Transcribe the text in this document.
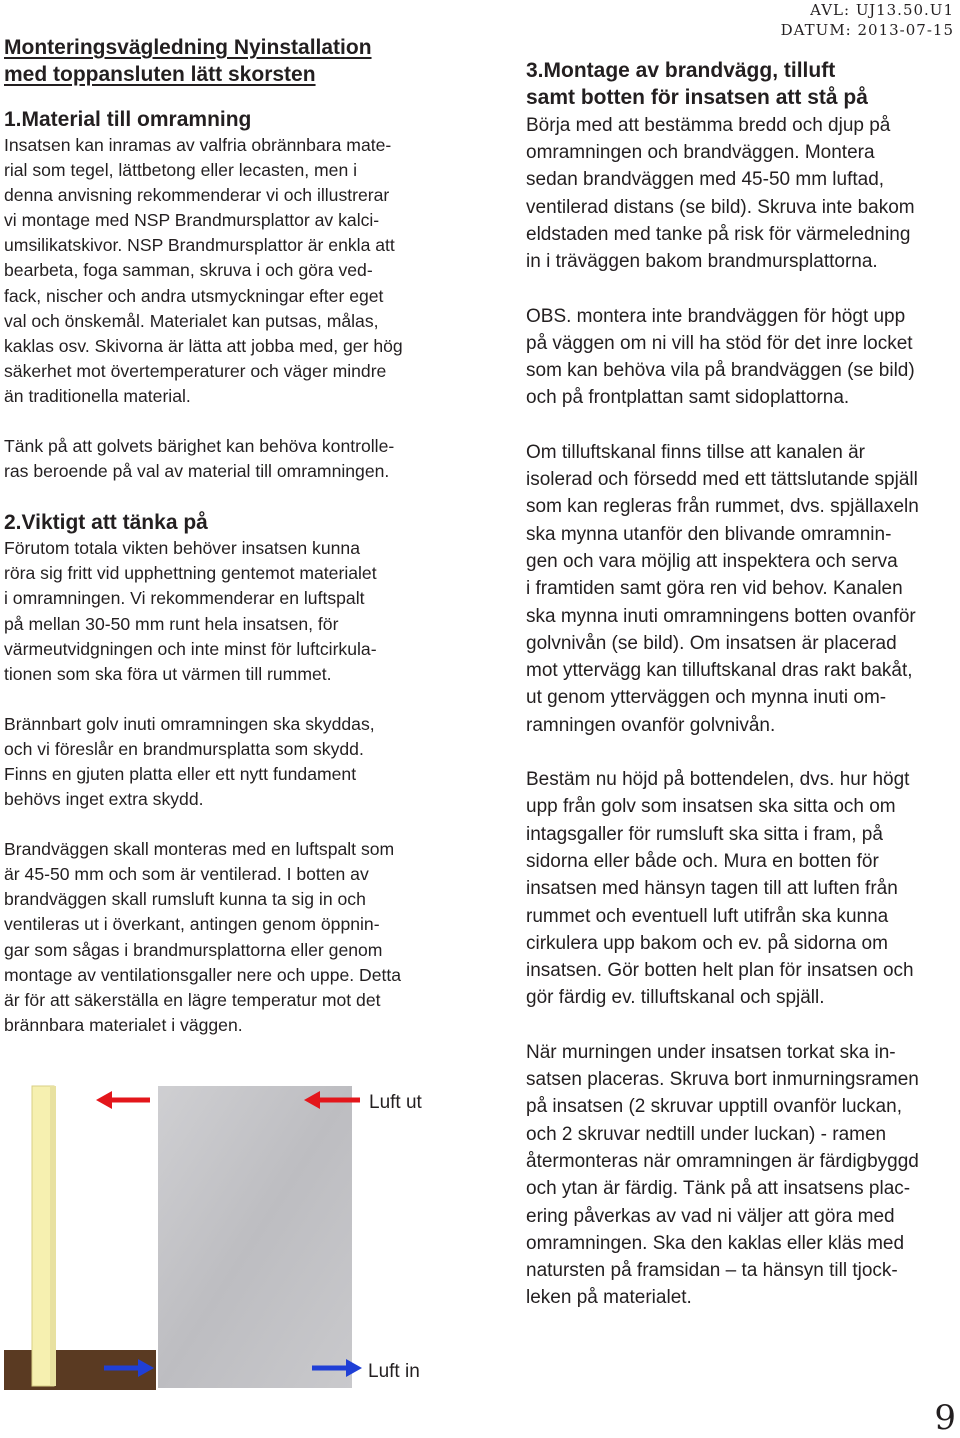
AVL: UJ13.50.U1
DATUM: 2013-07-15
Monteringsvägledning Nyinstallation
med toppansluten lätt skorsten
1.Material till omramning

Insatsen kan inramas av valfria obrännbara mate-
rial som tegel, lättbetong eller lecasten, men i
denna anvisning rekommenderar vi och illustrerar
vi montage med NSP Brandmursplattor av kalci-
umsilikatskivor. NSP Brandmursplattor är enkla att
bearbeta, foga samman, skruva i och göra ved-
fack, nischer och andra utsmyckningar efter eget
val och önskemål. Materialet kan putsas, målas,
kaklas osv. Skivorna är lätta att jobba med, ger hög
säkerhet mot övertemperaturer och väger mindre
än traditionella material.

Tänk på att golvets bärighet kan behöva kontrolle-
ras beroende på val av material till omramningen.

2.Viktigt att tänka på

Förutom totala vikten behöver insatsen kunna
röra sig fritt vid upphettning gentemot materialet
i omramningen. Vi rekommenderar en luftspalt
på mellan 30-50 mm runt hela insatsen, för
värmeutvidgningen och inte minst för luftcirkula-
tionen som ska föra ut värmen till rummet.

Brännbart golv inuti omramningen ska skyddas,
och vi föreslår en brandmursplatta som skydd.
Finns en gjuten platta eller ett nytt fundament
behövs inget extra skydd.

Brandväggen skall monteras med en luftspalt som
är 45-50 mm och som är ventilerad. I botten av
brandväggen skall rumsluft kunna ta sig in och
ventileras ut i överkant, antingen genom öppnin-
gar som sågas i brandmursplattorna eller genom
montage av ventilationsgaller nere och uppe. Detta
är för att säkerställa en lägre temperatur mot det
brännbara materialet i väggen.

3.Montage av brandvägg, tilluft
samt botten för insatsen att stå på

Börja med att bestämma bredd och djup på
omramningen och brandväggen. Montera
sedan brandväggen med 45-50 mm luftad,
ventilerad distans (se bild). Skruva inte bakom
eldstaden med tanke på risk för värmeledning
in i träväggen bakom brandmursplattorna.

OBS. montera inte brandväggen för högt upp
på väggen om ni vill ha stöd för det inre locket
som kan behöva vila på brandväggen (se bild)
och på frontplattan samt sidoplattorna.

Om tilluftskanal finns tillse att kanalen är
isolerad och försedd med ett tättslutande spjäll
som kan regleras från rummet, dvs. spjällaxeln
ska mynna utanför den blivande omramnin-
gen och vara möjlig att inspektera och serva
i framtiden samt göra ren vid behov. Kanalen
ska mynna inuti omramningens botten ovanför
golvnivån (se bild). Om insatsen är placerad
mot yttervägg kan tilluftskanal dras rakt bakåt,
ut genom ytterväggen och mynna inuti om-
ramningen ovanför golvnivån.

Bestäm nu höjd på bottendelen, dvs. hur högt
upp från golv som insatsen ska sitta och om
intagsgaller för rumsluft ska sitta i fram, på
sidorna eller både och. Mura en botten för
insatsen med hänsyn tagen till att luften från
rummet och eventuell luft utifrån ska kunna
cirkulera upp bakom och ev. på sidorna om
insatsen. Gör botten helt plan för insatsen och
gör färdig ev. tilluftskanal och spjäll.

När murningen under insatsen torkat ska in-
satsen placeras. Skruva bort inmurningsramen
på insatsen (2 skruvar upptill ovanför luckan,
och 2 skruvar nedtill under luckan) - ramen
återmonteras när omramningen är färdigbyggd
och ytan är färdig. Tänk på att insatsens plac-
ering påverkas av vad ni väljer att göra med
omramningen. Ska den kaklas eller kläs med
natursten på framsidan – ta hänsyn till tjock-
leken på materialet.

Luft ut
Luft in
9
